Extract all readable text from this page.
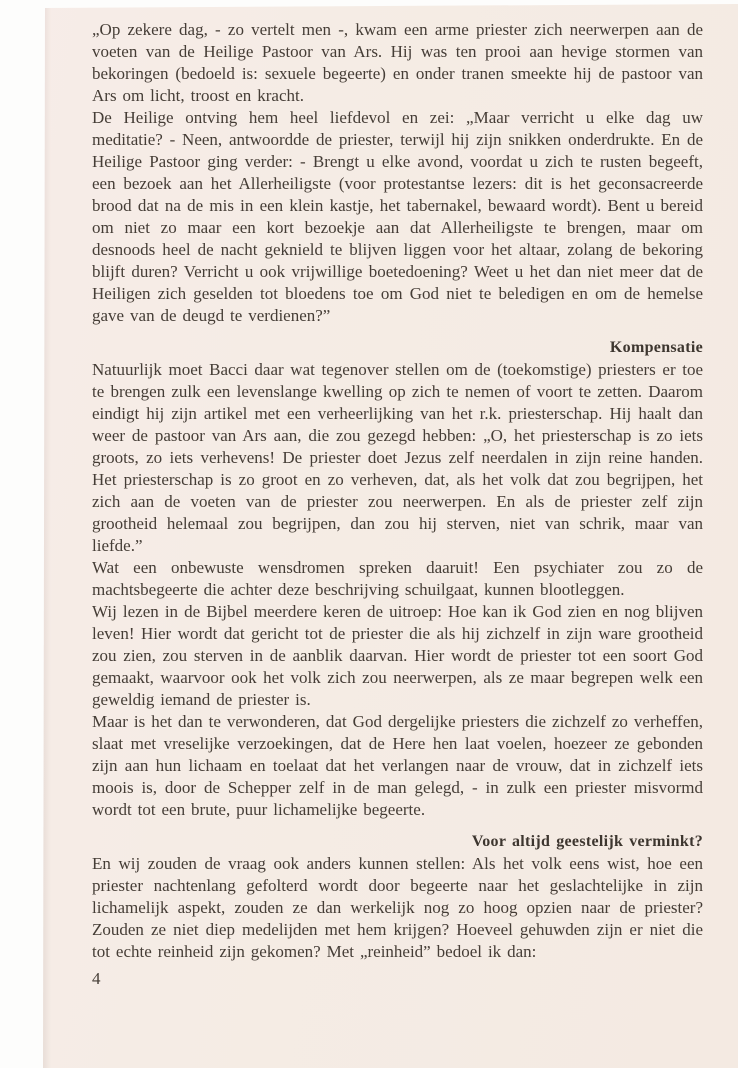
„Op zekere dag, - zo vertelt men -, kwam een arme priester zich neerwerpen aan de voeten van de Heilige Pastoor van Ars. Hij was ten prooi aan hevige stormen van bekoringen (bedoeld is: sexuele begeerte) en onder tranen smeekte hij de pastoor van Ars om licht, troost en kracht.

De Heilige ontving hem heel liefdevol en zei: „Maar verricht u elke dag uw meditatie? - Neen, antwoordde de priester, terwijl hij zijn snikken onderdrukte. En de Heilige Pastoor ging verder: - Brengt u elke avond, voordat u zich te rusten begeeft, een bezoek aan het Allerheiligste (voor protestantse lezers: dit is het geconsacreerde brood dat na de mis in een klein kastje, het tabernakel, bewaard wordt). Bent u bereid om niet zo maar een kort bezoekje aan dat Allerheiligste te brengen, maar om desnoods heel de nacht geknield te blijven liggen voor het altaar, zolang de bekoring blijft duren? Verricht u ook vrijwillige boetedoening? Weet u het dan niet meer dat de Heiligen zich geselden tot bloedens toe om God niet te beledigen en om de hemelse gave van de deugd te verdienen?”

Kompensatie

Natuurlijk moet Bacci daar wat tegenover stellen om de (toekomstige) priesters er toe te brengen zulk een levenslange kwelling op zich te nemen of voort te zetten. Daarom eindigt hij zijn artikel met een verheerlijking van het r.k. priesterschap. Hij haalt dan weer de pastoor van Ars aan, die zou gezegd hebben: „O, het priesterschap is zo iets groots, zo iets verhevens! De priester doet Jezus zelf neerdalen in zijn reine handen. Het priesterschap is zo groot en zo verheven, dat, als het volk dat zou begrijpen, het zich aan de voeten van de priester zou neerwerpen. En als de priester zelf zijn grootheid helemaal zou begrijpen, dan zou hij sterven, niet van schrik, maar van liefde.”

Wat een onbewuste wensdromen spreken daaruit! Een psychiater zou zo de machtsbegeerte die achter deze beschrijving schuilgaat, kunnen blootleggen.

Wij lezen in de Bijbel meerdere keren de uitroep: Hoe kan ik God zien en nog blijven leven! Hier wordt dat gericht tot de priester die als hij zichzelf in zijn ware grootheid zou zien, zou sterven in de aanblik daarvan. Hier wordt de priester tot een soort God gemaakt, waarvoor ook het volk zich zou neerwerpen, als ze maar begrepen welk een geweldig iemand de priester is.

Maar is het dan te verwonderen, dat God dergelijke priesters die zichzelf zo verheffen, slaat met vreselijke verzoekingen, dat de Here hen laat voelen, hoezeer ze gebonden zijn aan hun lichaam en toelaat dat het verlangen naar de vrouw, dat in zichzelf iets moois is, door de Schepper zelf in de man gelegd, - in zulk een priester misvormd wordt tot een brute, puur lichamelijke begeerte.

Voor altijd geestelijk verminkt?

En wij zouden de vraag ook anders kunnen stellen: Als het volk eens wist, hoe een priester nachtenlang gefolterd wordt door begeerte naar het geslachtelijke in zijn lichamelijk aspekt, zouden ze dan werkelijk nog zo hoog opzien naar de priester? Zouden ze niet diep medelijden met hem krijgen? Hoeveel gehuwden zijn er niet die tot echte reinheid zijn gekomen? Met „reinheid” bedoel ik dan:

4
